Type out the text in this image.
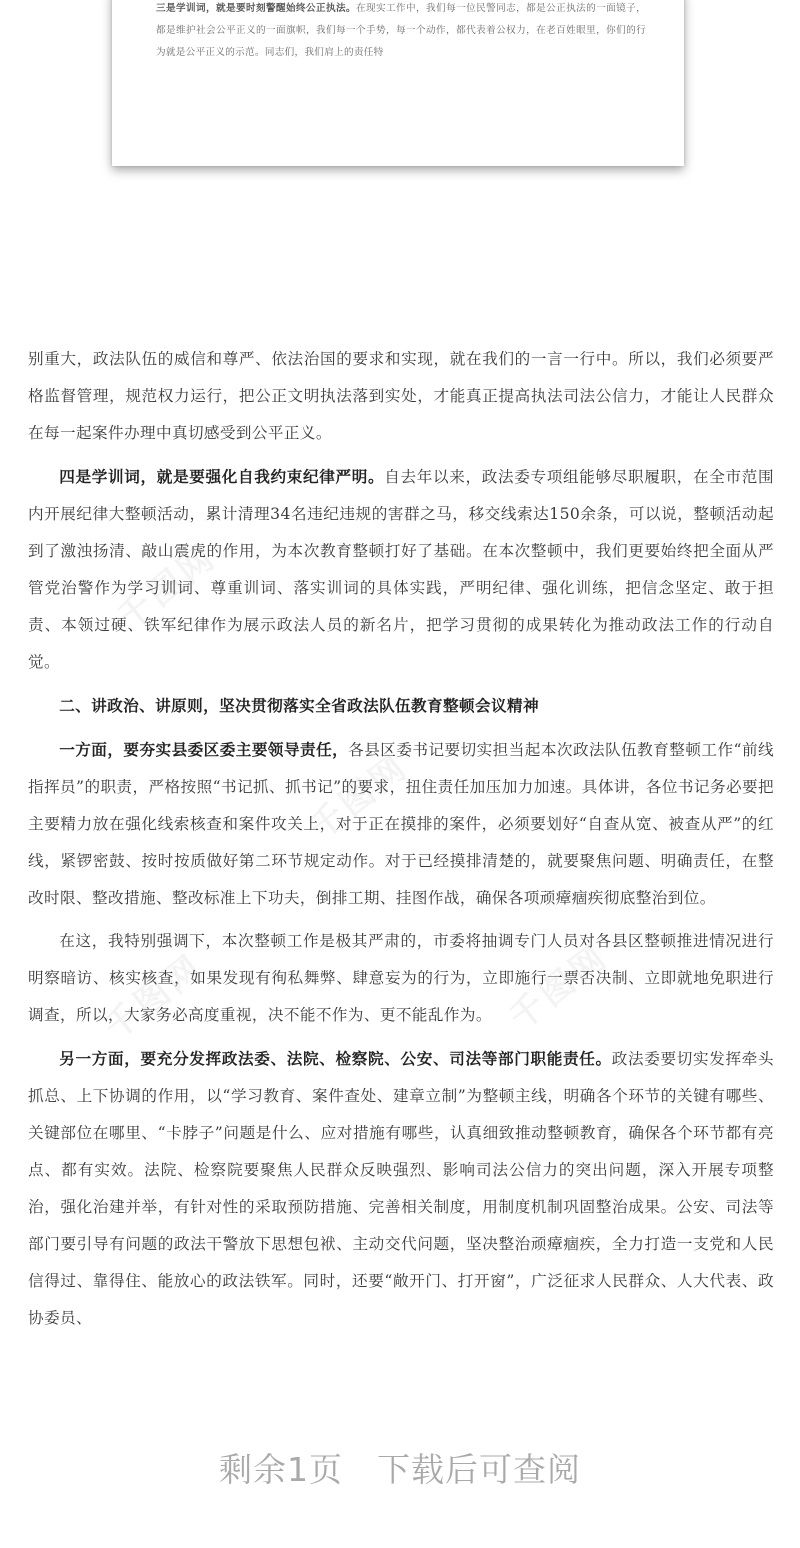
三是学训词，就是要时刻警醒始终公正执法。在现实工作中，我们每一位民警同志，都是公正执法的一面镜子，都是维护社会公平正义的一面旗帜，我们每一个手势，每一个动作，都代表着公权力，在老百姓眼里，你们的行为就是公平正义的示范。同志们，我们肩上的责任特
千图网
千图网
千图网
千图网

别重大，政法队伍的威信和尊严、依法治国的要求和实现，就在我们的一言一行中。所以，我们必须要严格监督管理，规范权力运行，把公正文明执法落到实处，才能真正提高执法司法公信力，才能让人民群众在每一起案件办理中真切感受到公平正义。

四是学训词，就是要强化自我约束纪律严明。自去年以来，政法委专项组能够尽职履职，在全市范围内开展纪律大整顿活动，累计清理34名违纪违规的害群之马，移交线索达150余条，可以说，整顿活动起到了激浊扬清、敲山震虎的作用，为本次教育整顿打好了基础。在本次整顿中，我们更要始终把全面从严管党治警作为学习训词、尊重训词、落实训词的具体实践，严明纪律、强化训练，把信念坚定、敢于担责、本领过硬、铁军纪律作为展示政法人员的新名片，把学习贯彻的成果转化为推动政法工作的行动自觉。

二、讲政治、讲原则，坚决贯彻落实全省政法队伍教育整顿会议精神

一方面，要夯实县委区委主要领导责任，各县区委书记要切实担当起本次政法队伍教育整顿工作“前线指挥员”的职责，严格按照“书记抓、抓书记”的要求，扭住责任加压加力加速。具体讲，各位书记务必要把主要精力放在强化线索核查和案件攻关上，对于正在摸排的案件，必须要划好“自查从宽、被查从严”的红线，紧锣密鼓、按时按质做好第二环节规定动作。对于已经摸排清楚的，就要聚焦问题、明确责任，在整改时限、整改措施、整改标准上下功夫，倒排工期、挂图作战，确保各项顽瘴痼疾彻底整治到位。

在这，我特别强调下，本次整顿工作是极其严肃的，市委将抽调专门人员对各县区整顿推进情况进行明察暗访、核实核查，如果发现有徇私舞弊、肆意妄为的行为，立即施行一票否决制、立即就地免职进行调查，所以，大家务必高度重视，决不能不作为、更不能乱作为。

另一方面，要充分发挥政法委、法院、检察院、公安、司法等部门职能责任。政法委要切实发挥牵头抓总、上下协调的作用，以“学习教育、案件查处、建章立制”为整顿主线，明确各个环节的关键有哪些、关键部位在哪里、“卡脖子”问题是什么、应对措施有哪些，认真细致推动整顿教育，确保各个环节都有亮点、都有实效。法院、检察院要聚焦人民群众反映强烈、影响司法公信力的突出问题，深入开展专项整治，强化治建并举，有针对性的采取预防措施、完善相关制度，用制度机制巩固整治成果。公安、司法等部门要引导有问题的政法干警放下思想包袱、主动交代问题，坚决整治顽瘴痼疾，全力打造一支党和人民信得过、靠得住、能放心的政法铁军。同时，还要“敞开门、打开窗”，广泛征求人民群众、人大代表、政协委员、

剩余1页　下载后可查阅
